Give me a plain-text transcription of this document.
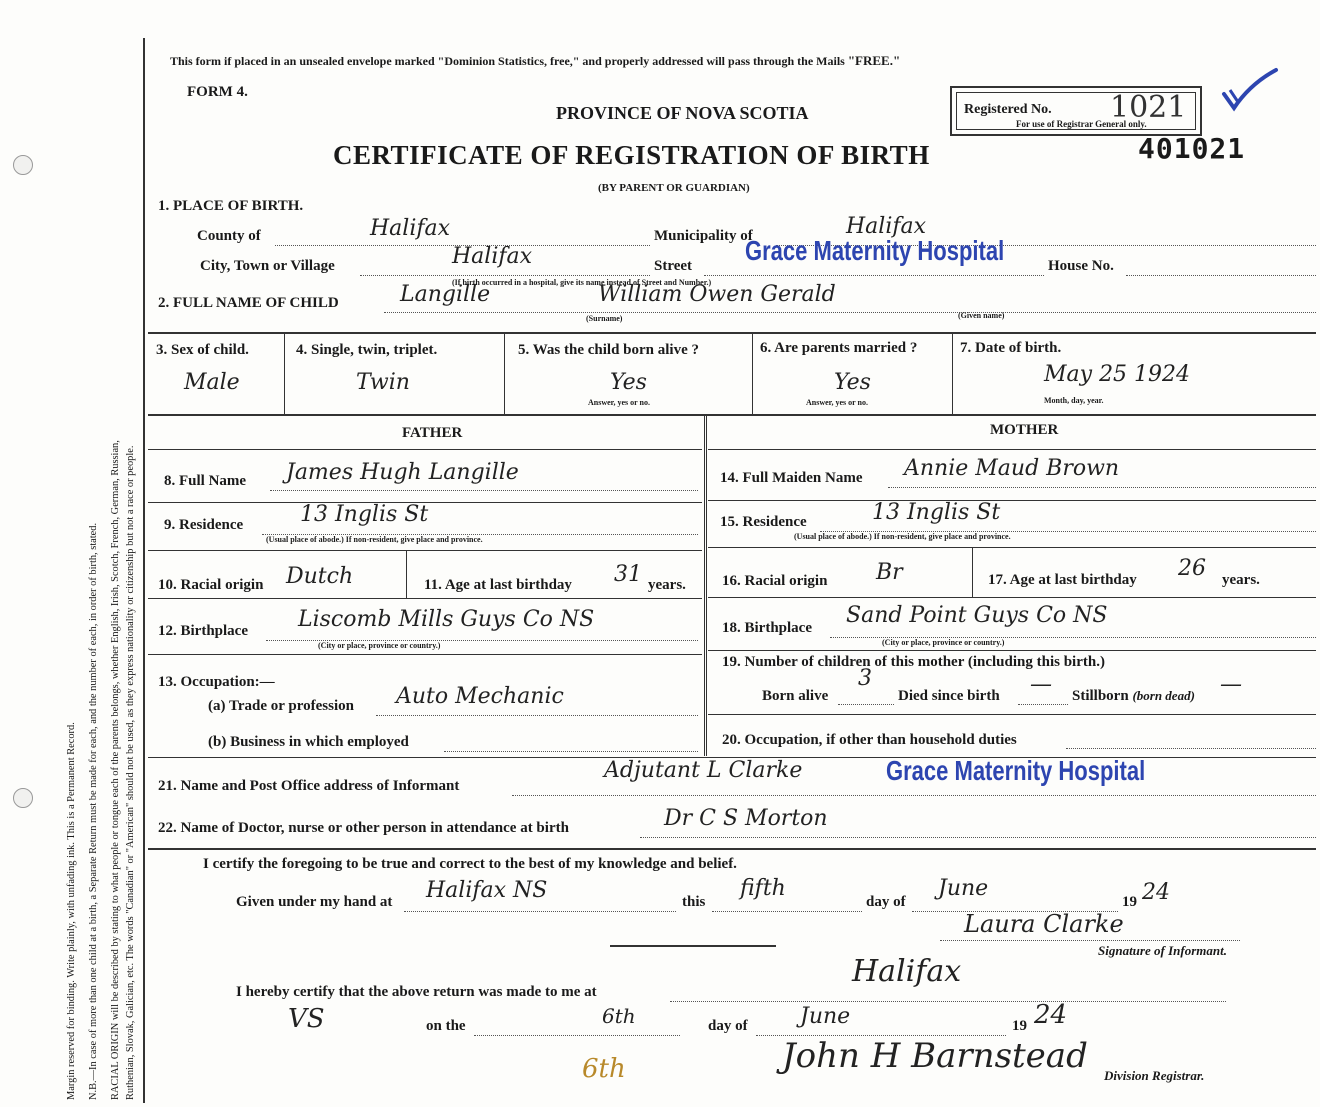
Margin reserved for binding. Write plainly, with unfading ink. This is a Permanent Record. N.B.—In case of more than one child at a birth, a Separate Return must be made for each, and the number of each, in order of birth, stated. RACIAL ORIGIN will be described by stating to what people or tongue each of the parents belongs, whether English, Irish, Scotch, French, German, Russian, Ruthenian, Slovak, Galician, etc. The words "Canadian" or "American" should not be used, as they express nationality or citizenship but not a race or people.
This form if placed in an unsealed envelope marked "Dominion Statistics, free," and properly addressed will pass through the Mails "FREE."
FORM 4.
PROVINCE OF NOVA SCOTIA
CERTIFICATE OF REGISTRATION OF BIRTH
(BY PARENT OR GUARDIAN)
Registered No. 1021
For use of Registrar General only.
401021
1. PLACE OF BIRTH.
County of	Halifax	Municipality of	Halifax
City, Town or Village	Halifax	Street Grace Maternity Hospital	House No.
(If birth occurred in a hospital, give its name instead of Street and Number.)
2. FULL NAME OF CHILD	Langille	William Owen Gerald
(Surname)	(Given name)
3. Sex of child.
Male
4. Single, twin, triplet.
Twin
5. Was the child born alive ?
Yes
Answer, yes or no.
6. Are parents married ?
Yes
Answer, yes or no.
7. Date of birth.
May 25 1924
Month, day, year.
FATHER	MOTHER
8. Full Name James Hugh Langille
9. Residence	13 Inglis St
(Usual place of abode.) If non-resident, give place and province.
10. Racial origin Dutch	11. Age at last birthday 31 years.
12. Birthplace Liscomb Mills Guys Co NS
(City or place, province or country.)
13. Occupation:—
(a) Trade or profession Auto Mechanic
(b) Business in which employed
14. Full Maiden Name Annie Maud Brown
15. Residence	13 Inglis St
(Usual place of abode.) If non-resident, give place and province.
16. Racial origin Br	17. Age at last birthday 26 years.
18. Birthplace Sand Point Guys Co NS
(City or place, province or country.)
19. Number of children of this mother (including this birth.)
Born alive
3
Died since birth — Stillborn (born dead) —
20. Occupation, if other than household duties
21. Name and Post Office address of Informant
Adjutant L Clarke	Grace Maternity Hospital
22. Name of Doctor, nurse or other person in attendance at birth	Dr C S Morton
I certify the foregoing to be true and correct to the best of my knowledge and belief.
Given under my hand at Halifax NS	this
fifth
day of
June
19 24
Laura Clarke
Signature of Informant.
I hereby certify that the above return was made to me at
Halifax
VS	on the	6th	day of June	19 24
6th	John H Barnstead Division Registrar.
